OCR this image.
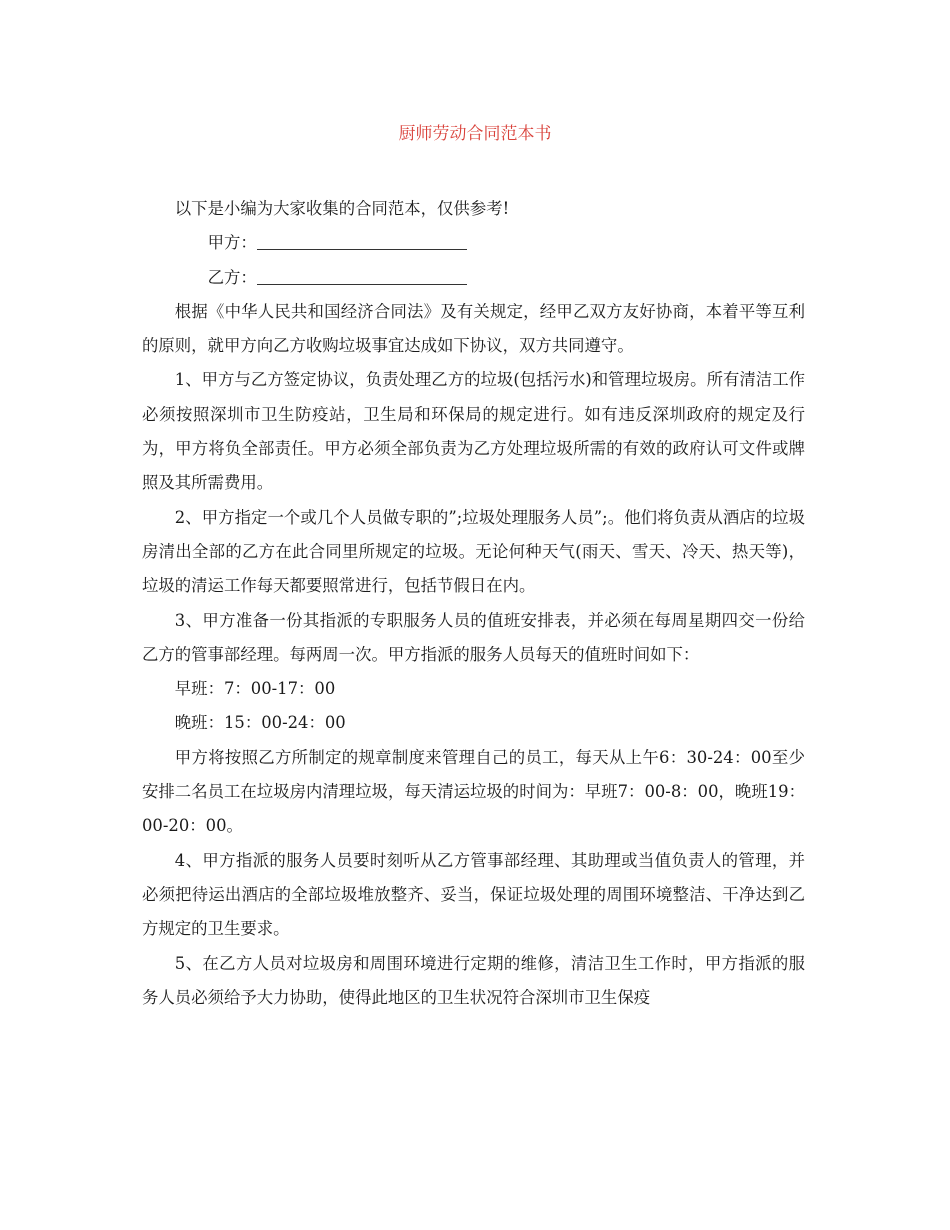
厨师劳动合同范本书

以下是小编为大家收集的合同范本，仅供参考!

甲方：

乙方：

根据《中华人民共和国经济合同法》及有关规定，经甲乙双方友好协商，本着平等互利的原则，就甲方向乙方收购垃圾事宜达成如下协议，双方共同遵守。

1、甲方与乙方签定协议，负责处理乙方的垃圾(包括污水)和管理垃圾房。所有清洁工作必须按照深圳市卫生防疫站，卫生局和环保局的规定进行。如有违反深圳政府的规定及行为，甲方将负全部责任。甲方必须全部负责为乙方处理垃圾所需的有效的政府认可文件或牌照及其所需费用。

2、甲方指定一个或几个人员做专职的”;垃圾处理服务人员”;。他们将负责从酒店的垃圾房清出全部的乙方在此合同里所规定的垃圾。无论何种天气(雨天、雪天、冷天、热天等)，垃圾的清运工作每天都要照常进行，包括节假日在内。

3、甲方准备一份其指派的专职服务人员的值班安排表，并必须在每周星期四交一份给乙方的管事部经理。每两周一次。甲方指派的服务人员每天的值班时间如下：

早班：7：00-17：00

晚班：15：00-24：00

甲方将按照乙方所制定的规章制度来管理自己的员工，每天从上午6：30-24：00至少安排二名员工在垃圾房内清理垃圾，每天清运垃圾的时间为：早班7：00-8：00，晚班19：00-20：00。

4、甲方指派的服务人员要时刻听从乙方管事部经理、其助理或当值负责人的管理，并必须把待运出酒店的全部垃圾堆放整齐、妥当，保证垃圾处理的周围环境整洁、干净达到乙方规定的卫生要求。

5、在乙方人员对垃圾房和周围环境进行定期的维修，清洁卫生工作时，甲方指派的服务人员必须给予大力协助，使得此地区的卫生状况符合深圳市卫生保疫
